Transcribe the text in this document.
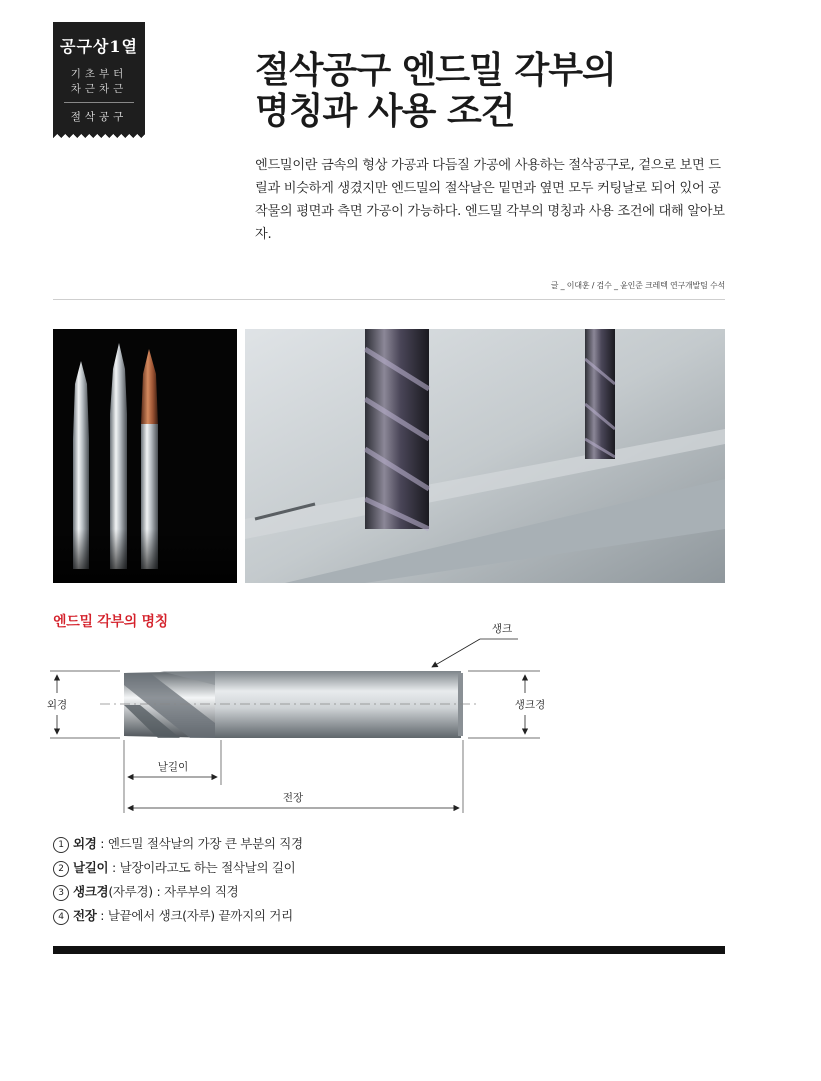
공구상1열
기초부터
차근차근
절삭공구
절삭공구 엔드밀 각부의
명칭과 사용 조건

엔드밀이란 금속의 형상 가공과 다듬질 가공에 사용하는 절삭공구로, 겉으로 보면 드릴과 비슷하게 생겼지만 엔드밀의 절삭날은 밑면과 옆면 모두 커팅날로 되어 있어 공작물의 평면과 측면 가공이 가능하다. 엔드밀 각부의 명칭과 사용 조건에 대해 알아보자.

글 _ 이대훈 / 검수 _ 윤인준 크레텍 연구개발팀 수석
엔드밀 각부의 명칭
외경	생크경
생크
날길이
전장
1 외경 : 엔드밀 절삭날의 가장 큰 부분의 직경
2 날길이 : 날장이라고도 하는 절삭날의 길이
3 생크경(자루경) : 자루부의 직경
4 전장 : 날끝에서 생크(자루) 끝까지의 거리
